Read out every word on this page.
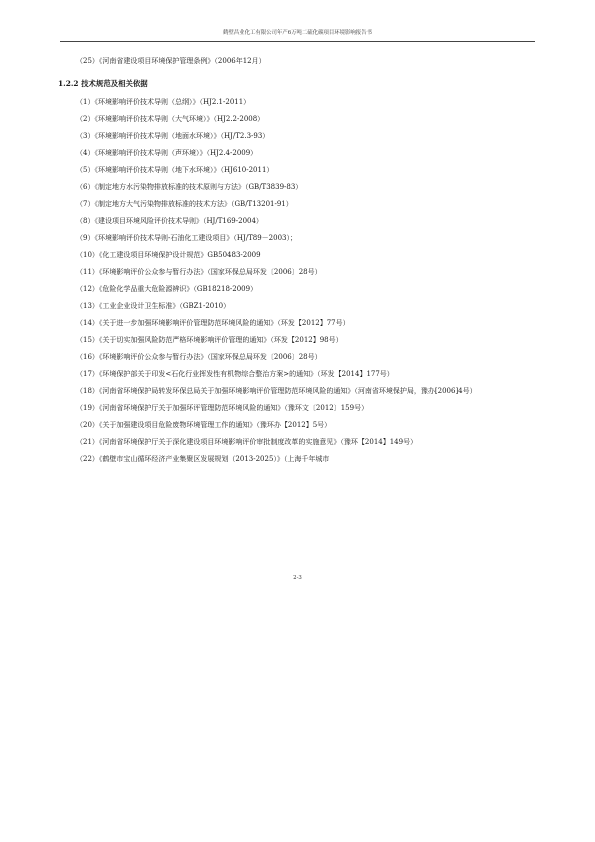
鹤壁昌业化工有限公司年产6万吨二硫化碳项目环境影响报告书

（25）《河南省建设项目环境保护管理条例》（2006年12月）

1.2.2 技术规范及相关依据

（1）《环境影响评价技术导则（总纲）》（HJ2.1-2011）

（2）《环境影响评价技术导则（大气环境）》（HJ2.2-2008）

（3）《环境影响评价技术导则（地面水环境）》（HJ/T2.3-93）

（4）《环境影响评价技术导则（声环境）》（HJ2.4-2009）

（5）《环境影响评价技术导则（地下水环境）》（HJ610-2011）

（6）《制定地方水污染物排放标准的技术原则与方法》（GB/T3839-83）

（7）《制定地方大气污染物排放标准的技术方法》（GB/T13201-91）

（8）《建设项目环境风险评价技术导则》（HJ/T169-2004）

（9）《环境影响评价技术导则-石油化工建设项目》（HJ/T89－2003）；

（10）《化工建设项目环境保护设计规范》GB50483-2009

（11）《环境影响评价公众参与暂行办法》（国家环保总局环发〔2006〕28号）

（12）《危险化学品重大危险源辨识》（GB18218-2009）

（13）《工业企业设计卫生标准》（GBZ1-2010）

（14）《关于进一步加强环境影响评价管理防范环境风险的通知》（环发【2012】77号）

（15）《关于切实加强风险防范严格环境影响评价管理的通知》（环发【2012】98号）

（16）《环境影响评价公众参与暂行办法》（国家环保总局环发〔2006〕28号）

（17）《环境保护部关于印发<石化行业挥发性有机物综合整治方案>的通知》（环发【2014】177号）

（18）《河南省环境保护局转发环保总局关于加强环境影响评价管理防范环境风险的通知》（河南省环境保护局，豫办[2006]4号）

（19）《河南省环境保护厅关于加强环评管理防范环境风险的通知》（豫环文〔2012〕159号）

（20）《关于加强建设项目危险废物环境管理工作的通知》（豫环办【2012】5号）

（21）《河南省环境保护厅关于深化建设项目环境影响评价审批制度改革的实施意见》（豫环【2014】149号）

（22）《鹤壁市宝山循环经济产业集聚区发展规划（2013-2025）》（上海千年城市

2-3
